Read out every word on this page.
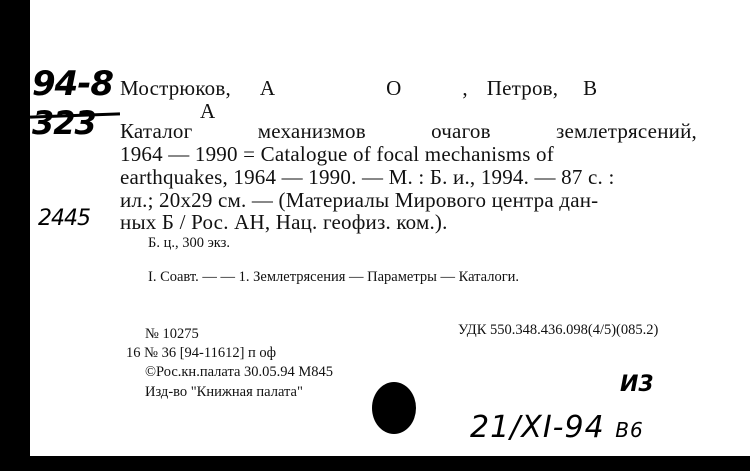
94-8
323
2445
Мострюков, А	О	, Петров, В
А
Каталог	механизмов	очагов	землетрясений,
1964 — 1990 = Catalogue of focal mechanisms of
earthquakes, 1964 — 1990. — М. : Б. и., 1994. — 87 с. :
ил.; 20х29 см. — (Материалы Мирового центра дан-
ных Б / Рос. АН, Нац. геофиз. ком.).
Б. ц., 300 экз.
I. Соавт. — — 1. Землетрясения — Параметры — Каталоги.
№ 10275	УДК 550.348.436.098(4/5)(085.2)
16 № 36 [94-11612] п оф
©Рос.кн.палата 30.05.94 М845
Изд-во "Книжная палата"	И3
21/XI-94 В6
